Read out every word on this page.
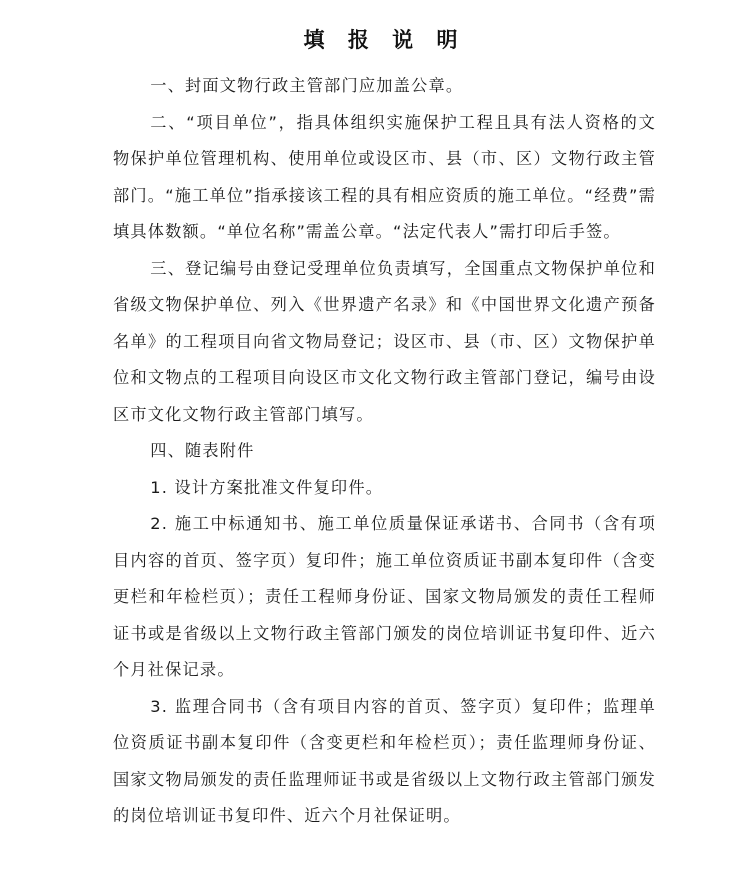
填 报 说 明

一、封面文物行政主管部门应加盖公章。

二、“项目单位”，指具体组织实施保护工程且具有法人资格的文物保护单位管理机构、使用单位或设区市、县（市、区）文物行政主管部门。“施工单位”指承接该工程的具有相应资质的施工单位。“经费”需填具体数额。“单位名称”需盖公章。“法定代表人”需打印后手签。

三、登记编号由登记受理单位负责填写，全国重点文物保护单位和省级文物保护单位、列入《世界遗产名录》和《中国世界文化遗产预备名单》的工程项目向省文物局登记；设区市、县（市、区）文物保护单位和文物点的工程项目向设区市文化文物行政主管部门登记，编号由设区市文化文物行政主管部门填写。

四、随表附件

1. 设计方案批准文件复印件。

2. 施工中标通知书、施工单位质量保证承诺书、合同书（含有项目内容的首页、签字页）复印件；施工单位资质证书副本复印件（含变更栏和年检栏页）；责任工程师身份证、国家文物局颁发的责任工程师证书或是省级以上文物行政主管部门颁发的岗位培训证书复印件、近六个月社保记录。

3. 监理合同书（含有项目内容的首页、签字页）复印件；监理单位资质证书副本复印件（含变更栏和年检栏页）；责任监理师身份证、国家文物局颁发的责任监理师证书或是省级以上文物行政主管部门颁发的岗位培训证书复印件、近六个月社保证明。
